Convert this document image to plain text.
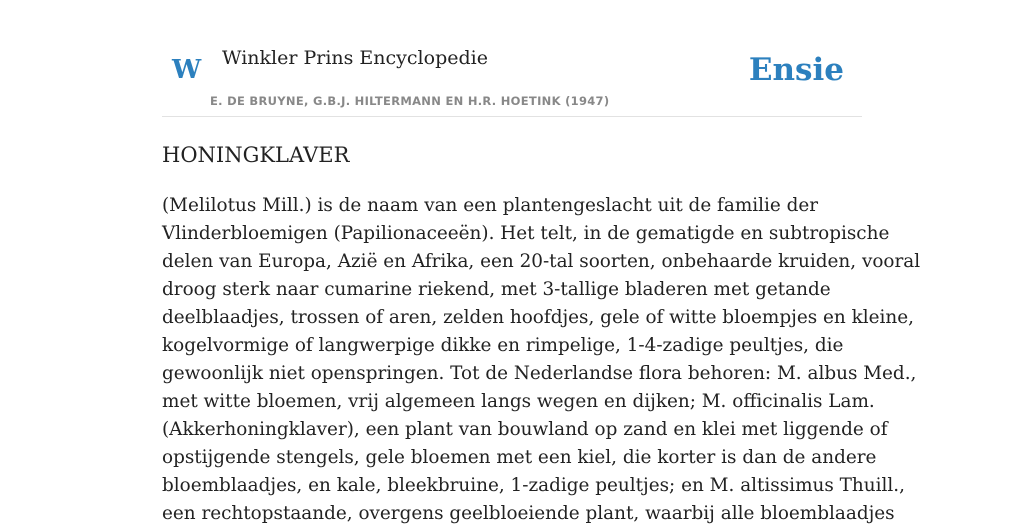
W Winkler Prins Encyclopedie
E. DE BRUYNE, G.B.J. HILTERMANN EN H.R. HOETINK (1947)
Ensie
HONINGKLAVER
(Melilotus Mill.) is de naam van een plantengeslacht uit de familie der
Vlinderbloemigen (Papilionaceeën). Het telt, in de gematigde en subtropische
delen van Europa, Azië en Afrika, een 20-tal soorten, onbehaarde kruiden, vooral
droog sterk naar cumarine riekend, met 3-tallige bladeren met getande
deelblaadjes, trossen of aren, zelden hoofdjes, gele of witte bloempjes en kleine,
kogelvormige of langwerpige dikke en rimpelige, 1-4-zadige peultjes, die
gewoonlijk niet openspringen. Tot de Nederlandse flora behoren: M. albus Med.,
met witte bloemen, vrij algemeen langs wegen en dijken; M. officinalis Lam.
(Akkerhoningklaver), een plant van bouwland op zand en klei met liggende of
opstijgende stengels, gele bloemen met een kiel, die korter is dan de andere
bloemblaadjes, en kale, bleekbruine, 1-zadige peultjes; en M. altissimus Thuill.,
een rechtopstaande, overgens geelbloeiende plant, waarbij alle bloemblaadjes
